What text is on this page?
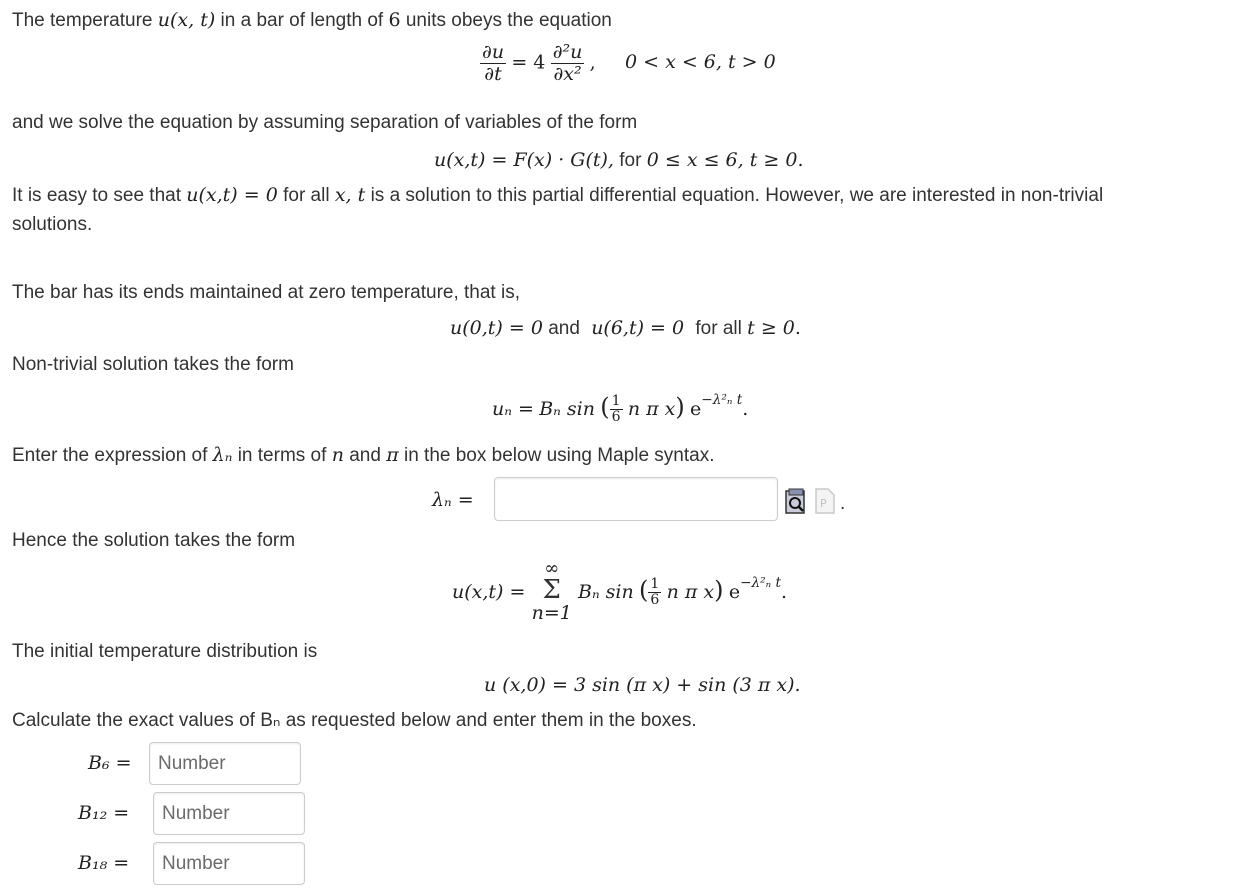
The temperature u(x, t) in a bar of length of 6 units obeys the equation
$\frac{\partial u}{\partial t} = 4 \frac{\text{∂²u}}{\text{∂x²}}$ , 0 < x < 6, t > 0
and we solve the equation by assuming separation of variables of the form
u(x,t) = F(x) · G(t), for 0 ≤ x ≤ 6, t ≥ 0.
It is easy to see that u(x,t) = 0 for all x, t is a solution to this partial differential equation. However, we are interested in non-trivial
solutions.
The bar has its ends maintained at zero temperature, that is,
u(0,t) = 0 and u(6,t) = 0 for all t ≥ 0.
Non-trivial solution takes the form
uₙ = Bₙ sin ( $\frac{1}{6}$ n π x) $e^{-\lambda^2_n t}$.
Enter the expression of λₙ in terms of n and π in the box below using Maple syntax.
λₙ =	P .
Hence the solution takes the form
u(x,t) =
∞
Σ
n=1
Bₙ sin ( $\frac{1}{6}$ n π x) $e^{-\lambda^2_n t}$.
The initial temperature distribution is
u (x,0) = 3 sin (π x) + sin (3 π x).
Calculate the exact values of Bₙ as requested below and enter them in the boxes.
B₆ =
Number
B₁₂ =
Number
B₁₈ =
Number
